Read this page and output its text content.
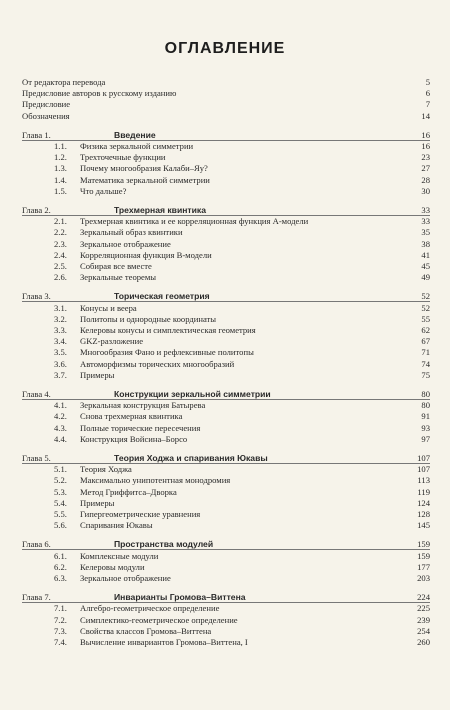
ОГЛАВЛЕНИЕ
От редактора перевода	5
Предисловие авторов к русскому изданию	6
Предисловие	7
Обозначения	14
Глава 1.	Введение	16
1.1. Физика зеркальной симметрии	16
1.2. Трехточечные функции	23
1.3. Почему многообразия Калаби–Яу?	27
1.4. Математика зеркальной симметрии	28
1.5. Что дальше?	30
Глава 2.	Трехмерная квинтика	33
2.1. Трехмерная квинтика и ее корреляционная функция А-модели	33
2.2. Зеркальный образ квинтики	35
2.3. Зеркальное отображение	38
2.4. Корреляционная функция В-модели	41
2.5. Собирая все вместе	45
2.6. Зеркальные теоремы	49
Глава 3.	Торическая геометрия	52
3.1. Конусы и веера	52
3.2. Политопы и однородные координаты	55
3.3. Келеровы конусы и симплектическая геометрия	62
3.4. GKZ-разложение	67
3.5. Многообразия Фано и рефлексивные политопы	71
3.6. Автоморфизмы торических многообразий	74
3.7. Примеры	75
Глава 4.	Конструкции зеркальной симметрии	80
4.1. Зеркальная конструкция Батырева	80
4.2. Снова трехмерная квинтика	91
4.3. Полные торические пересечения	93
4.4. Конструкция Войсина–Борсо	97
Глава 5.	Теория Ходжа и спаривания Юкавы	107
5.1. Теория Ходжа	107
5.2. Максимально унипотентная монодромия	113
5.3. Метод Гриффитса–Дворка	119
5.4. Примеры	124
5.5. Гипергеометрические уравнения	128
5.6. Спаривания Юкавы	145
Глава 6.	Пространства модулей	159
6.1. Комплексные модули	159
6.2. Келеровы модули	177
6.3. Зеркальное отображение	203
Глава 7.	Инварианты Громова–Виттена	224
7.1. Алгебро-геометрическое определение	225
7.2. Симплектико-геометрическое определение	239
7.3. Свойства классов Громова–Виттена	254
7.4. Вычисление инвариантов Громова–Виттена, I	260
